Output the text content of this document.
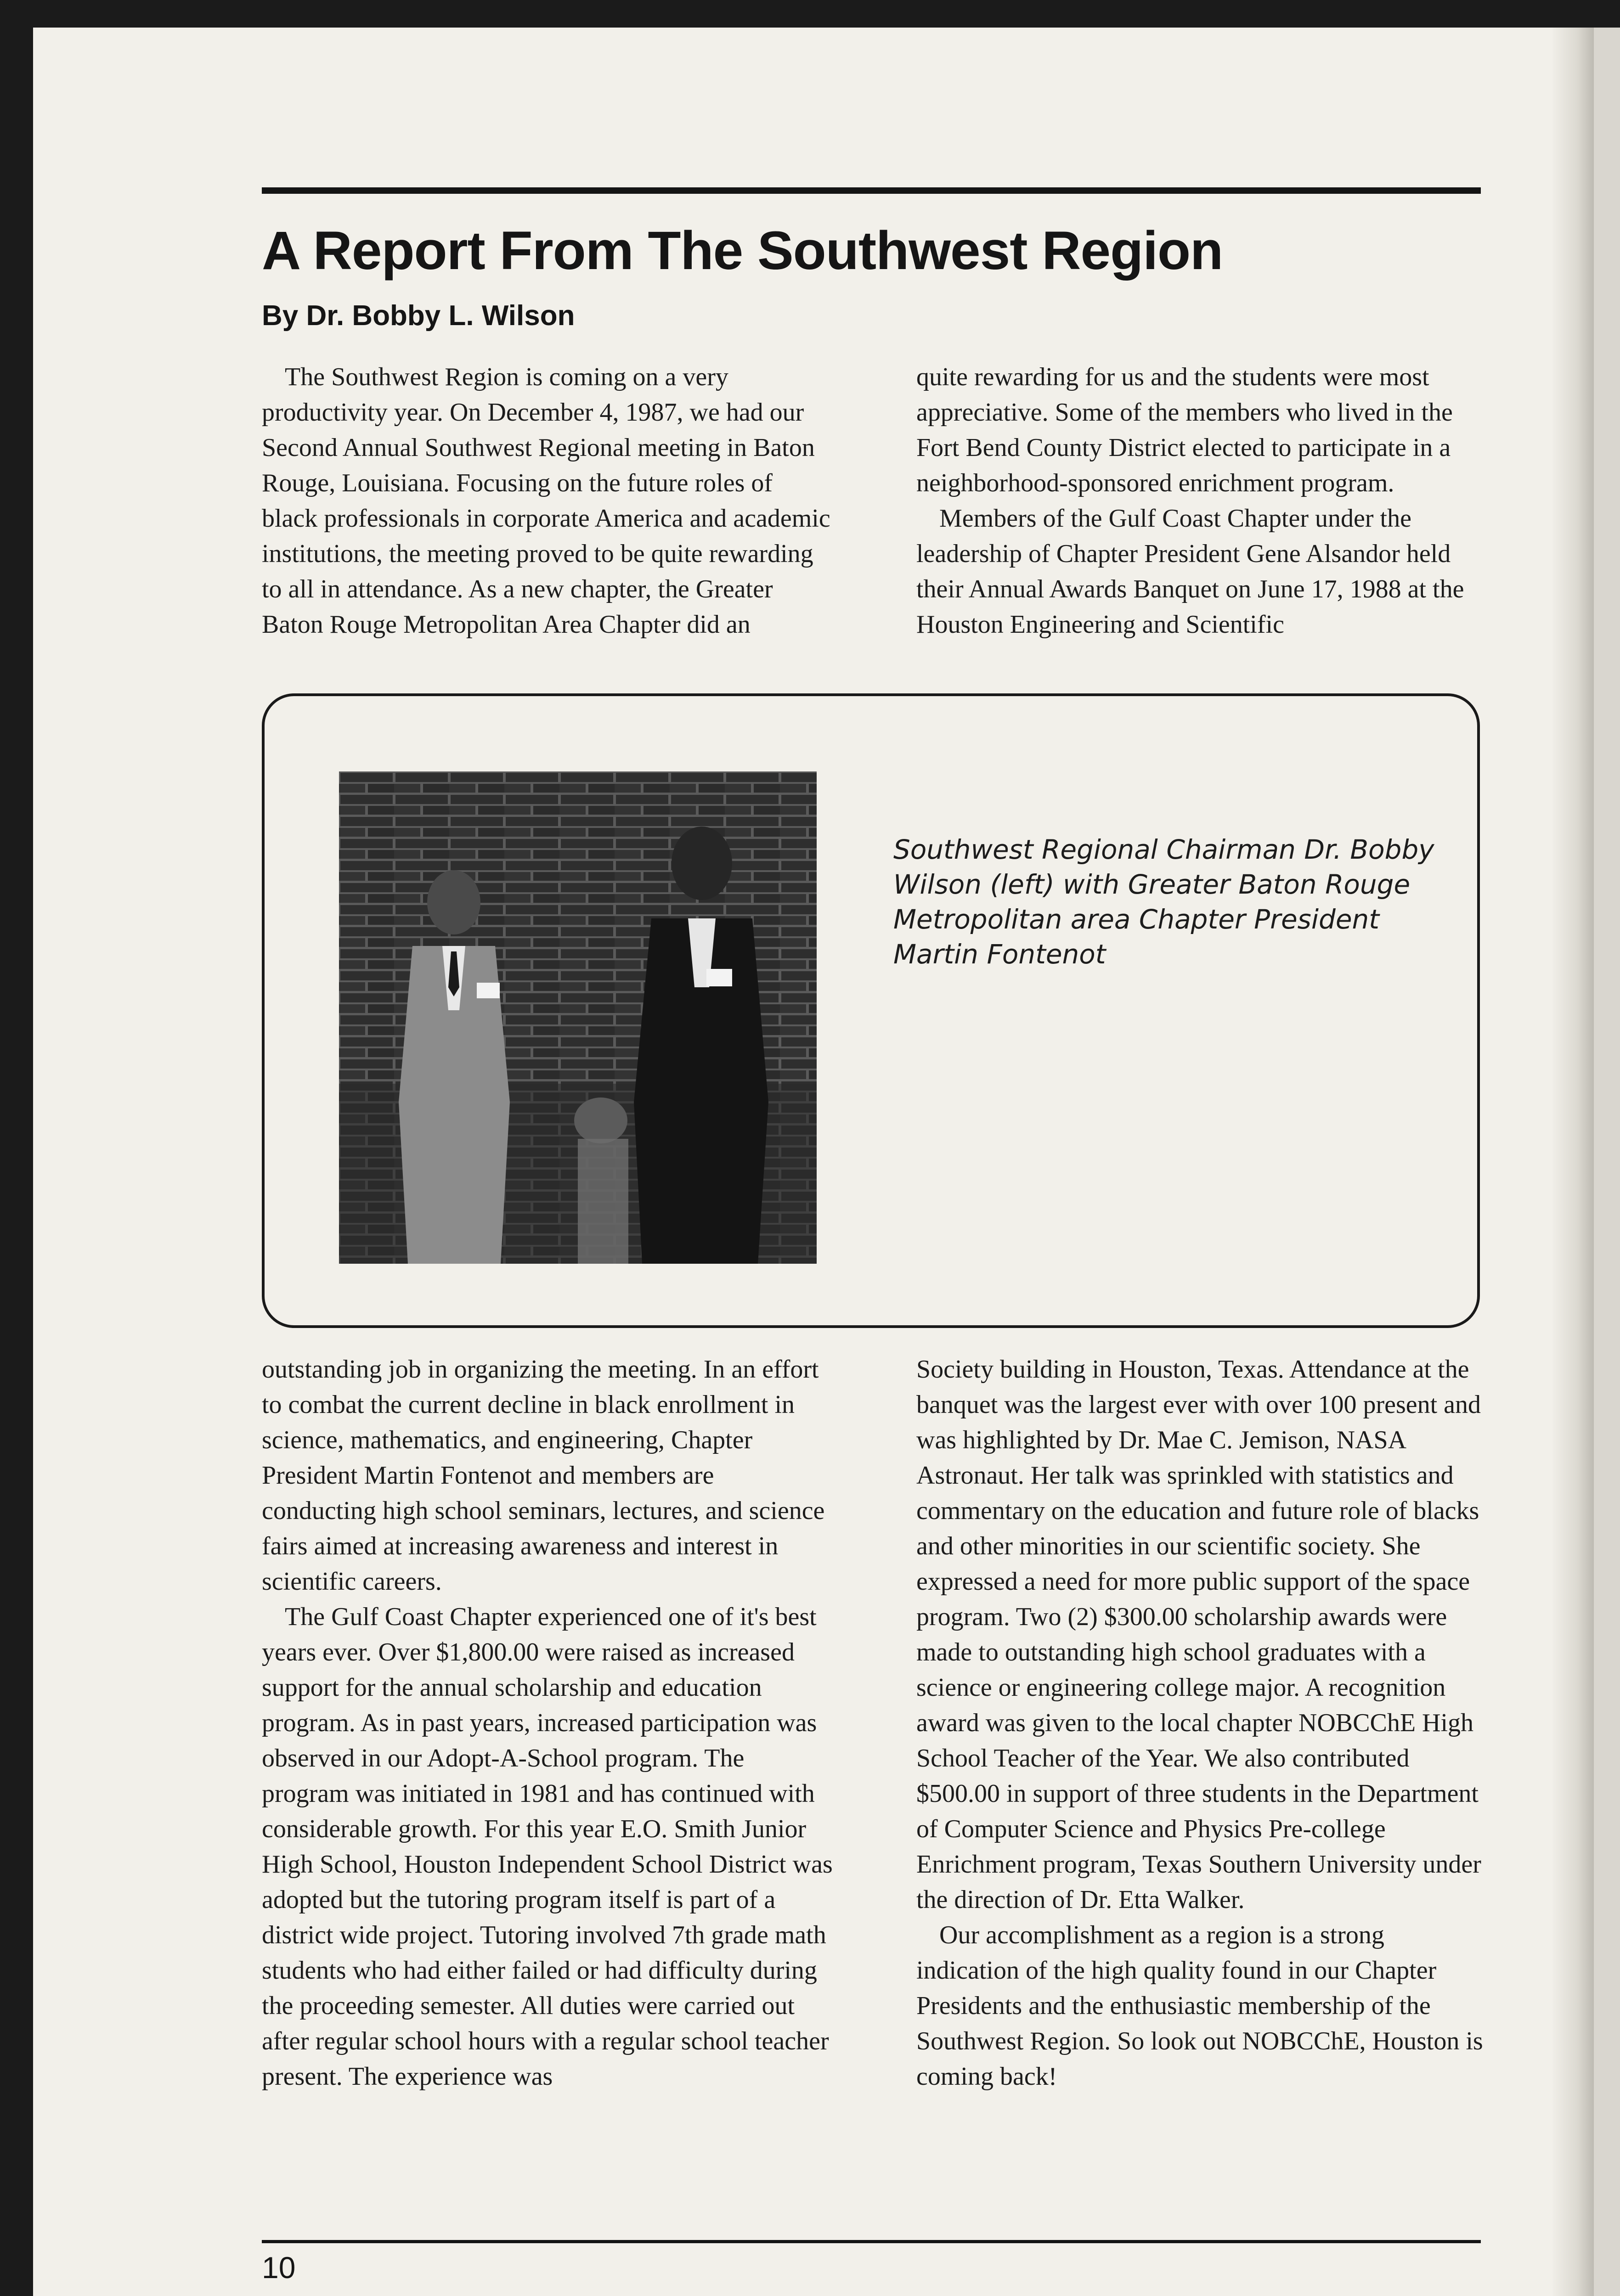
A Report From The Southwest Region
By Dr. Bobby L. Wilson

The Southwest Region is coming on a very productivity year. On December 4, 1987, we had our Second Annual Southwest Regional meeting in Baton Rouge, Louisiana. Focusing on the future roles of black professionals in corporate America and academic institutions, the meeting proved to be quite rewarding to all in attendance. As a new chapter, the Greater Baton Rouge Metropolitan Area Chapter did an

quite rewarding for us and the students were most appreciative. Some of the members who lived in the Fort Bend County District elected to participate in a neighborhood-sponsored enrichment program.

Members of the Gulf Coast Chapter under the leadership of Chapter President Gene Alsandor held their Annual Awards Banquet on June 17, 1988 at the Houston Engineering and Scientific

Southwest Regional Chairman Dr. Bobby Wilson (left) with Greater Baton Rouge Metropolitan area Chapter President Martin Fontenot

outstanding job in organizing the meeting. In an effort to combat the current decline in black enrollment in science, mathematics, and engineering, Chapter President Martin Fontenot and members are conducting high school seminars, lectures, and science fairs aimed at increasing awareness and interest in scientific careers.

The Gulf Coast Chapter experienced one of it's best years ever. Over $1,800.00 were raised as increased support for the annual scholarship and education program. As in past years, increased participation was observed in our Adopt-A-School program. The program was initiated in 1981 and has continued with considerable growth. For this year E.O. Smith Junior High School, Houston Independent School District was adopted but the tutoring program itself is part of a district wide project. Tutoring involved 7th grade math students who had either failed or had difficulty during the proceeding semester. All duties were carried out after regular school hours with a regular school teacher present. The experience was

Society building in Houston, Texas. Attendance at the banquet was the largest ever with over 100 present and was highlighted by Dr. Mae C. Jemison, NASA Astronaut. Her talk was sprinkled with statistics and commentary on the education and future role of blacks and other minorities in our scientific society. She expressed a need for more public support of the space program. Two (2) $300.00 scholarship awards were made to outstanding high school graduates with a science or engineering college major. A recognition award was given to the local chapter NOBCChE High School Teacher of the Year. We also contributed $500.00 in support of three students in the Department of Computer Science and Physics Pre-college Enrichment program, Texas Southern University under the direction of Dr. Etta Walker.

Our accomplishment as a region is a strong indication of the high quality found in our Chapter Presidents and the enthusiastic membership of the Southwest Region. So look out NOBCChE, Houston is coming back!

10
